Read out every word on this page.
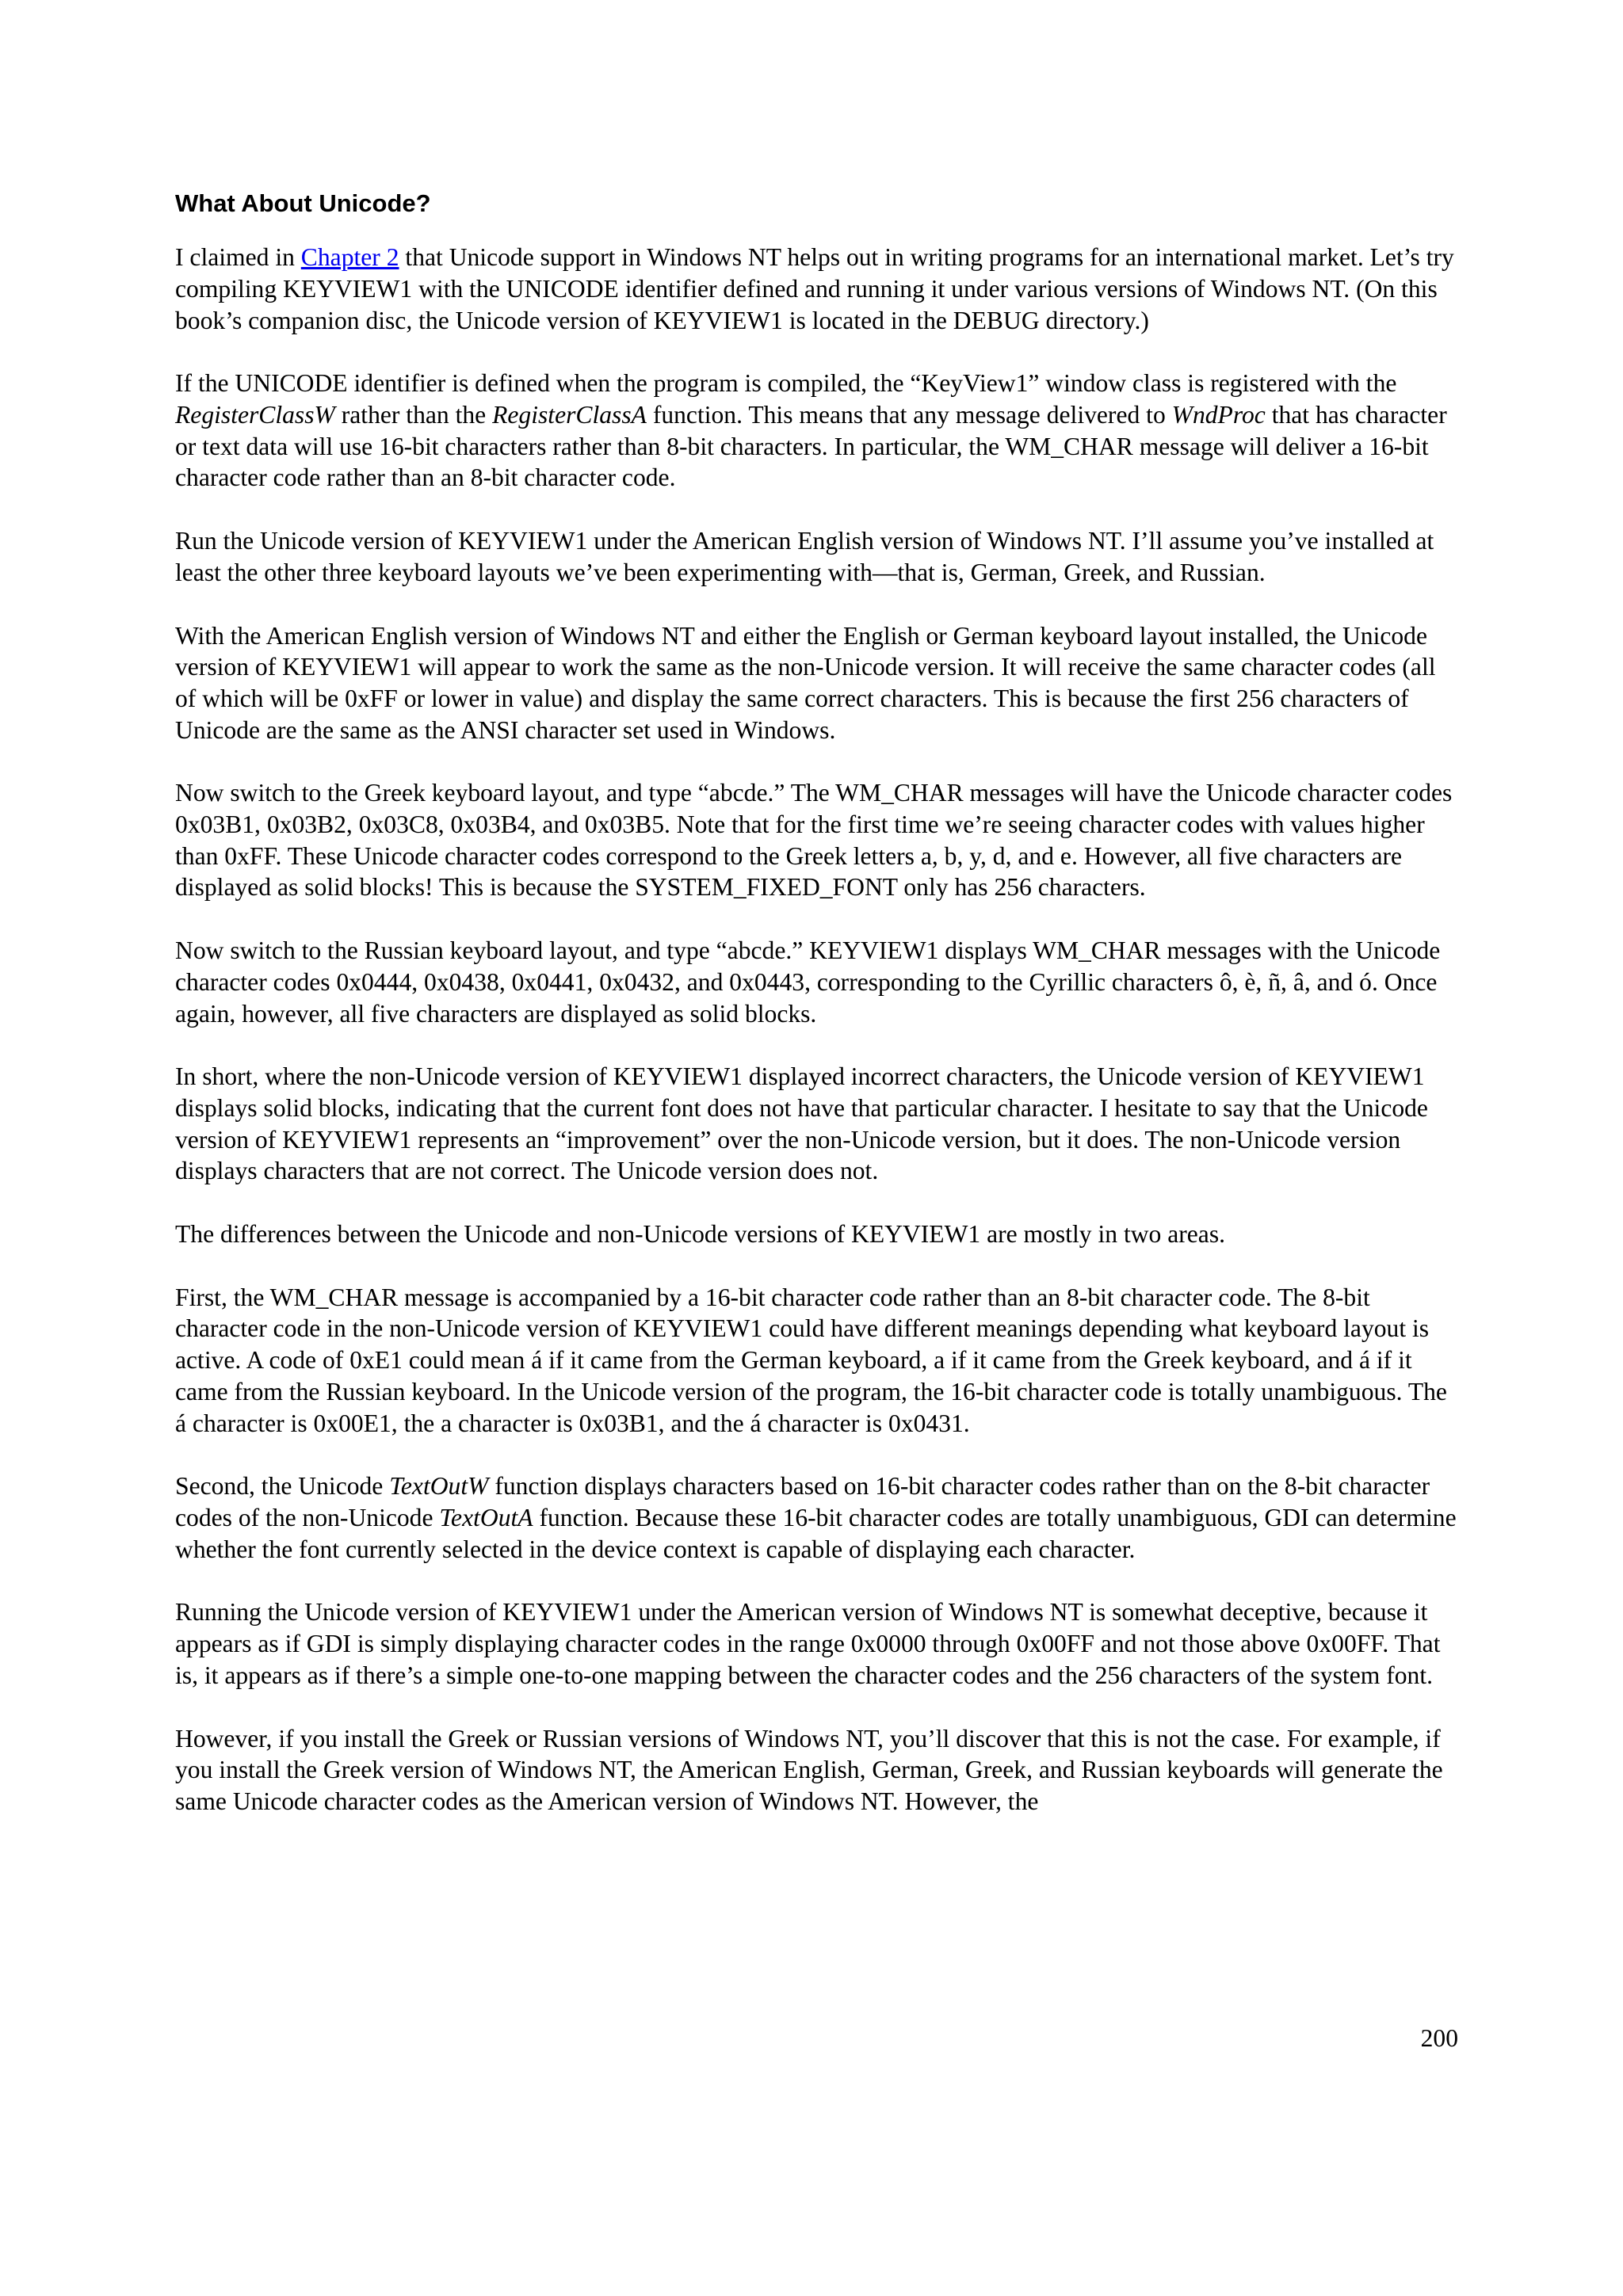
What About Unicode?

I claimed in Chapter 2 that Unicode support in Windows NT helps out in writing programs for an international market. Let’s try compiling KEYVIEW1 with the UNICODE identifier defined and running it under various versions of Windows NT. (On this book’s companion disc, the Unicode version of KEYVIEW1 is located in the DEBUG directory.)

If the UNICODE identifier is defined when the program is compiled, the “KeyView1” window class is registered with the RegisterClassW rather than the RegisterClassA function. This means that any message delivered to WndProc that has character or text data will use 16-bit characters rather than 8-bit characters. In particular, the WM_CHAR message will deliver a 16-bit character code rather than an 8-bit character code.

Run the Unicode version of KEYVIEW1 under the American English version of Windows NT. I’ll assume you’ve installed at least the other three keyboard layouts we’ve been experimenting with—that is, German, Greek, and Russian.

With the American English version of Windows NT and either the English or German keyboard layout installed, the Unicode version of KEYVIEW1 will appear to work the same as the non-Unicode version. It will receive the same character codes (all of which will be 0xFF or lower in value) and display the same correct characters. This is because the first 256 characters of Unicode are the same as the ANSI character set used in Windows.

Now switch to the Greek keyboard layout, and type “abcde.” The WM_CHAR messages will have the Unicode character codes 0x03B1, 0x03B2, 0x03C8, 0x03B4, and 0x03B5. Note that for the first time we’re seeing character codes with values higher than 0xFF. These Unicode character codes correspond to the Greek letters a, b, y, d, and e. However, all five characters are displayed as solid blocks! This is because the SYSTEM_FIXED_FONT only has 256 characters.

Now switch to the Russian keyboard layout, and type “abcde.” KEYVIEW1 displays WM_CHAR messages with the Unicode character codes 0x0444, 0x0438, 0x0441, 0x0432, and 0x0443, corresponding to the Cyrillic characters ô, è, ñ, â, and ó. Once again, however, all five characters are displayed as solid blocks.

In short, where the non-Unicode version of KEYVIEW1 displayed incorrect characters, the Unicode version of KEYVIEW1 displays solid blocks, indicating that the current font does not have that particular character. I hesitate to say that the Unicode version of KEYVIEW1 represents an “improvement” over the non-Unicode version, but it does. The non-Unicode version displays characters that are not correct. The Unicode version does not.

The differences between the Unicode and non-Unicode versions of KEYVIEW1 are mostly in two areas.

First, the WM_CHAR message is accompanied by a 16-bit character code rather than an 8-bit character code. The 8-bit character code in the non-Unicode version of KEYVIEW1 could have different meanings depending what keyboard layout is active. A code of 0xE1 could mean á if it came from the German keyboard, a if it came from the Greek keyboard, and á if it came from the Russian keyboard. In the Unicode version of the program, the 16-bit character code is totally unambiguous. The á character is 0x00E1, the a character is 0x03B1, and the á character is 0x0431.

Second, the Unicode TextOutW function displays characters based on 16-bit character codes rather than on the 8-bit character codes of the non-Unicode TextOutA function. Because these 16-bit character codes are totally unambiguous, GDI can determine whether the font currently selected in the device context is capable of displaying each character.

Running the Unicode version of KEYVIEW1 under the American version of Windows NT is somewhat deceptive, because it appears as if GDI is simply displaying character codes in the range 0x0000 through 0x00FF and not those above 0x00FF. That is, it appears as if there’s a simple one-to-one mapping between the character codes and the 256 characters of the system font.

However, if you install the Greek or Russian versions of Windows NT, you’ll discover that this is not the case. For example, if you install the Greek version of Windows NT, the American English, German, Greek, and Russian keyboards will generate the same Unicode character codes as the American version of Windows NT. However, the

200
